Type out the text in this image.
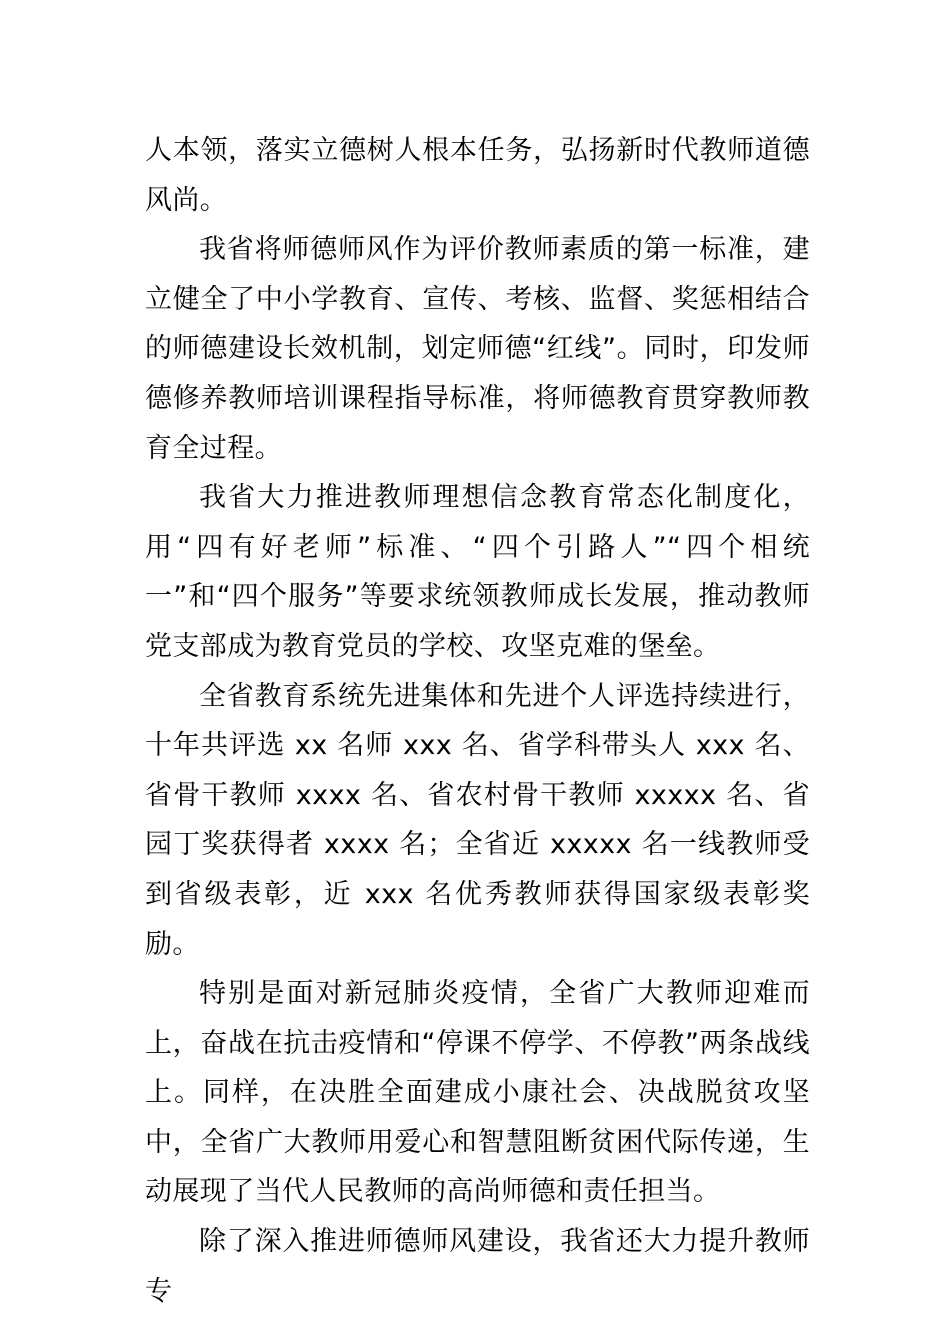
人本领，落实立德树人根本任务，弘扬新时代教师道德风尚。

我省将师德师风作为评价教师素质的第一标准，建立健全了中小学教育、宣传、考核、监督、奖惩相结合的师德建设长效机制，划定师德“红线”。同时，印发师德修养教师培训课程指导标准，将师德教育贯穿教师教育全过程。

我省大力推进教师理想信念教育常态化制度化，用“四有好老师”标准、“四个引路人”“四个相统一”和“四个服务”等要求统领教师成长发展，推动教师党支部成为教育党员的学校、攻坚克难的堡垒。

全省教育系统先进集体和先进个人评选持续进行，十年共评选 xx 名师 xxx 名、省学科带头人 xxx 名、省骨干教师 xxxx 名、省农村骨干教师 xxxxx 名、省园丁奖获得者 xxxx 名；全省近 xxxxx 名一线教师受到省级表彰，近 xxx 名优秀教师获得国家级表彰奖励。

特别是面对新冠肺炎疫情，全省广大教师迎难而上，奋战在抗击疫情和“停课不停学、不停教”两条战线上。同样，在决胜全面建成小康社会、决战脱贫攻坚中，全省广大教师用爱心和智慧阻断贫困代际传递，生动展现了当代人民教师的高尚师德和责任担当。

除了深入推进师德师风建设，我省还大力提升教师专
